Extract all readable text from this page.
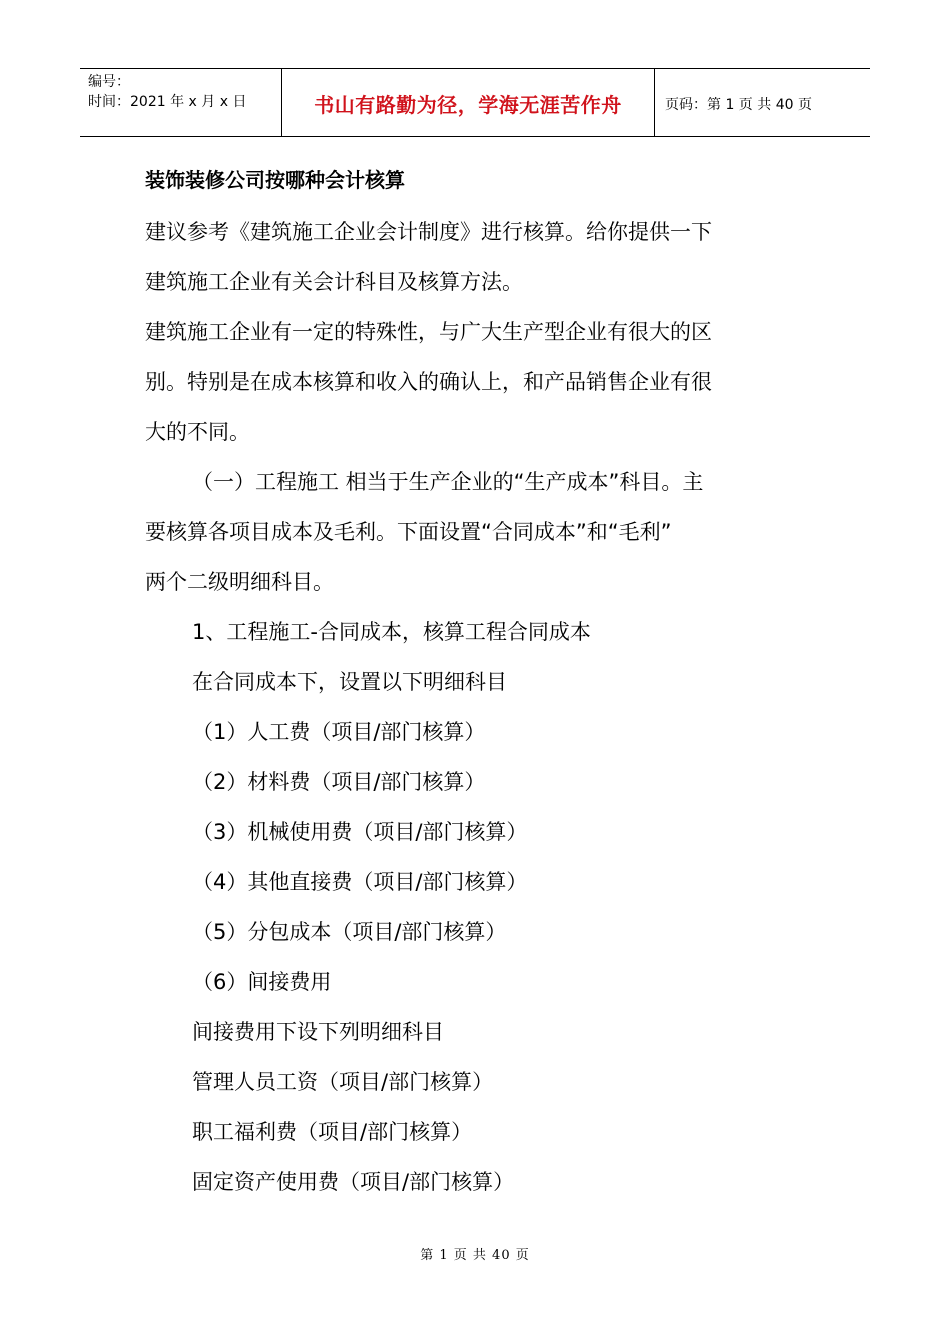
编号：
时间：2021 年 x 月 x 日	书山有路勤为径，学海无涯苦作舟	页码：第 1 页 共 40 页
装饰装修公司按哪种会计核算
建议参考《建筑施工企业会计制度》进行核算。给你提供一下
建筑施工企业有关会计科目及核算方法。
建筑施工企业有一定的特殊性，与广大生产型企业有很大的区
别。特别是在成本核算和收入的确认上，和产品销售企业有很
大的不同。
（一）工程施工 相当于生产企业的“生产成本”科目。主
要核算各项目成本及毛利。下面设置“合同成本”和“毛利”
两个二级明细科目。
1、工程施工-合同成本，核算工程合同成本
在合同成本下，设置以下明细科目
（1）人工费（项目/部门核算）
（2）材料费（项目/部门核算）
（3）机械使用费（项目/部门核算）
（4）其他直接费（项目/部门核算）
（5）分包成本（项目/部门核算）
（6）间接费用
间接费用下设下列明细科目
管理人员工资（项目/部门核算）
职工福利费（项目/部门核算）
固定资产使用费（项目/部门核算）
第 1 页 共 40 页
